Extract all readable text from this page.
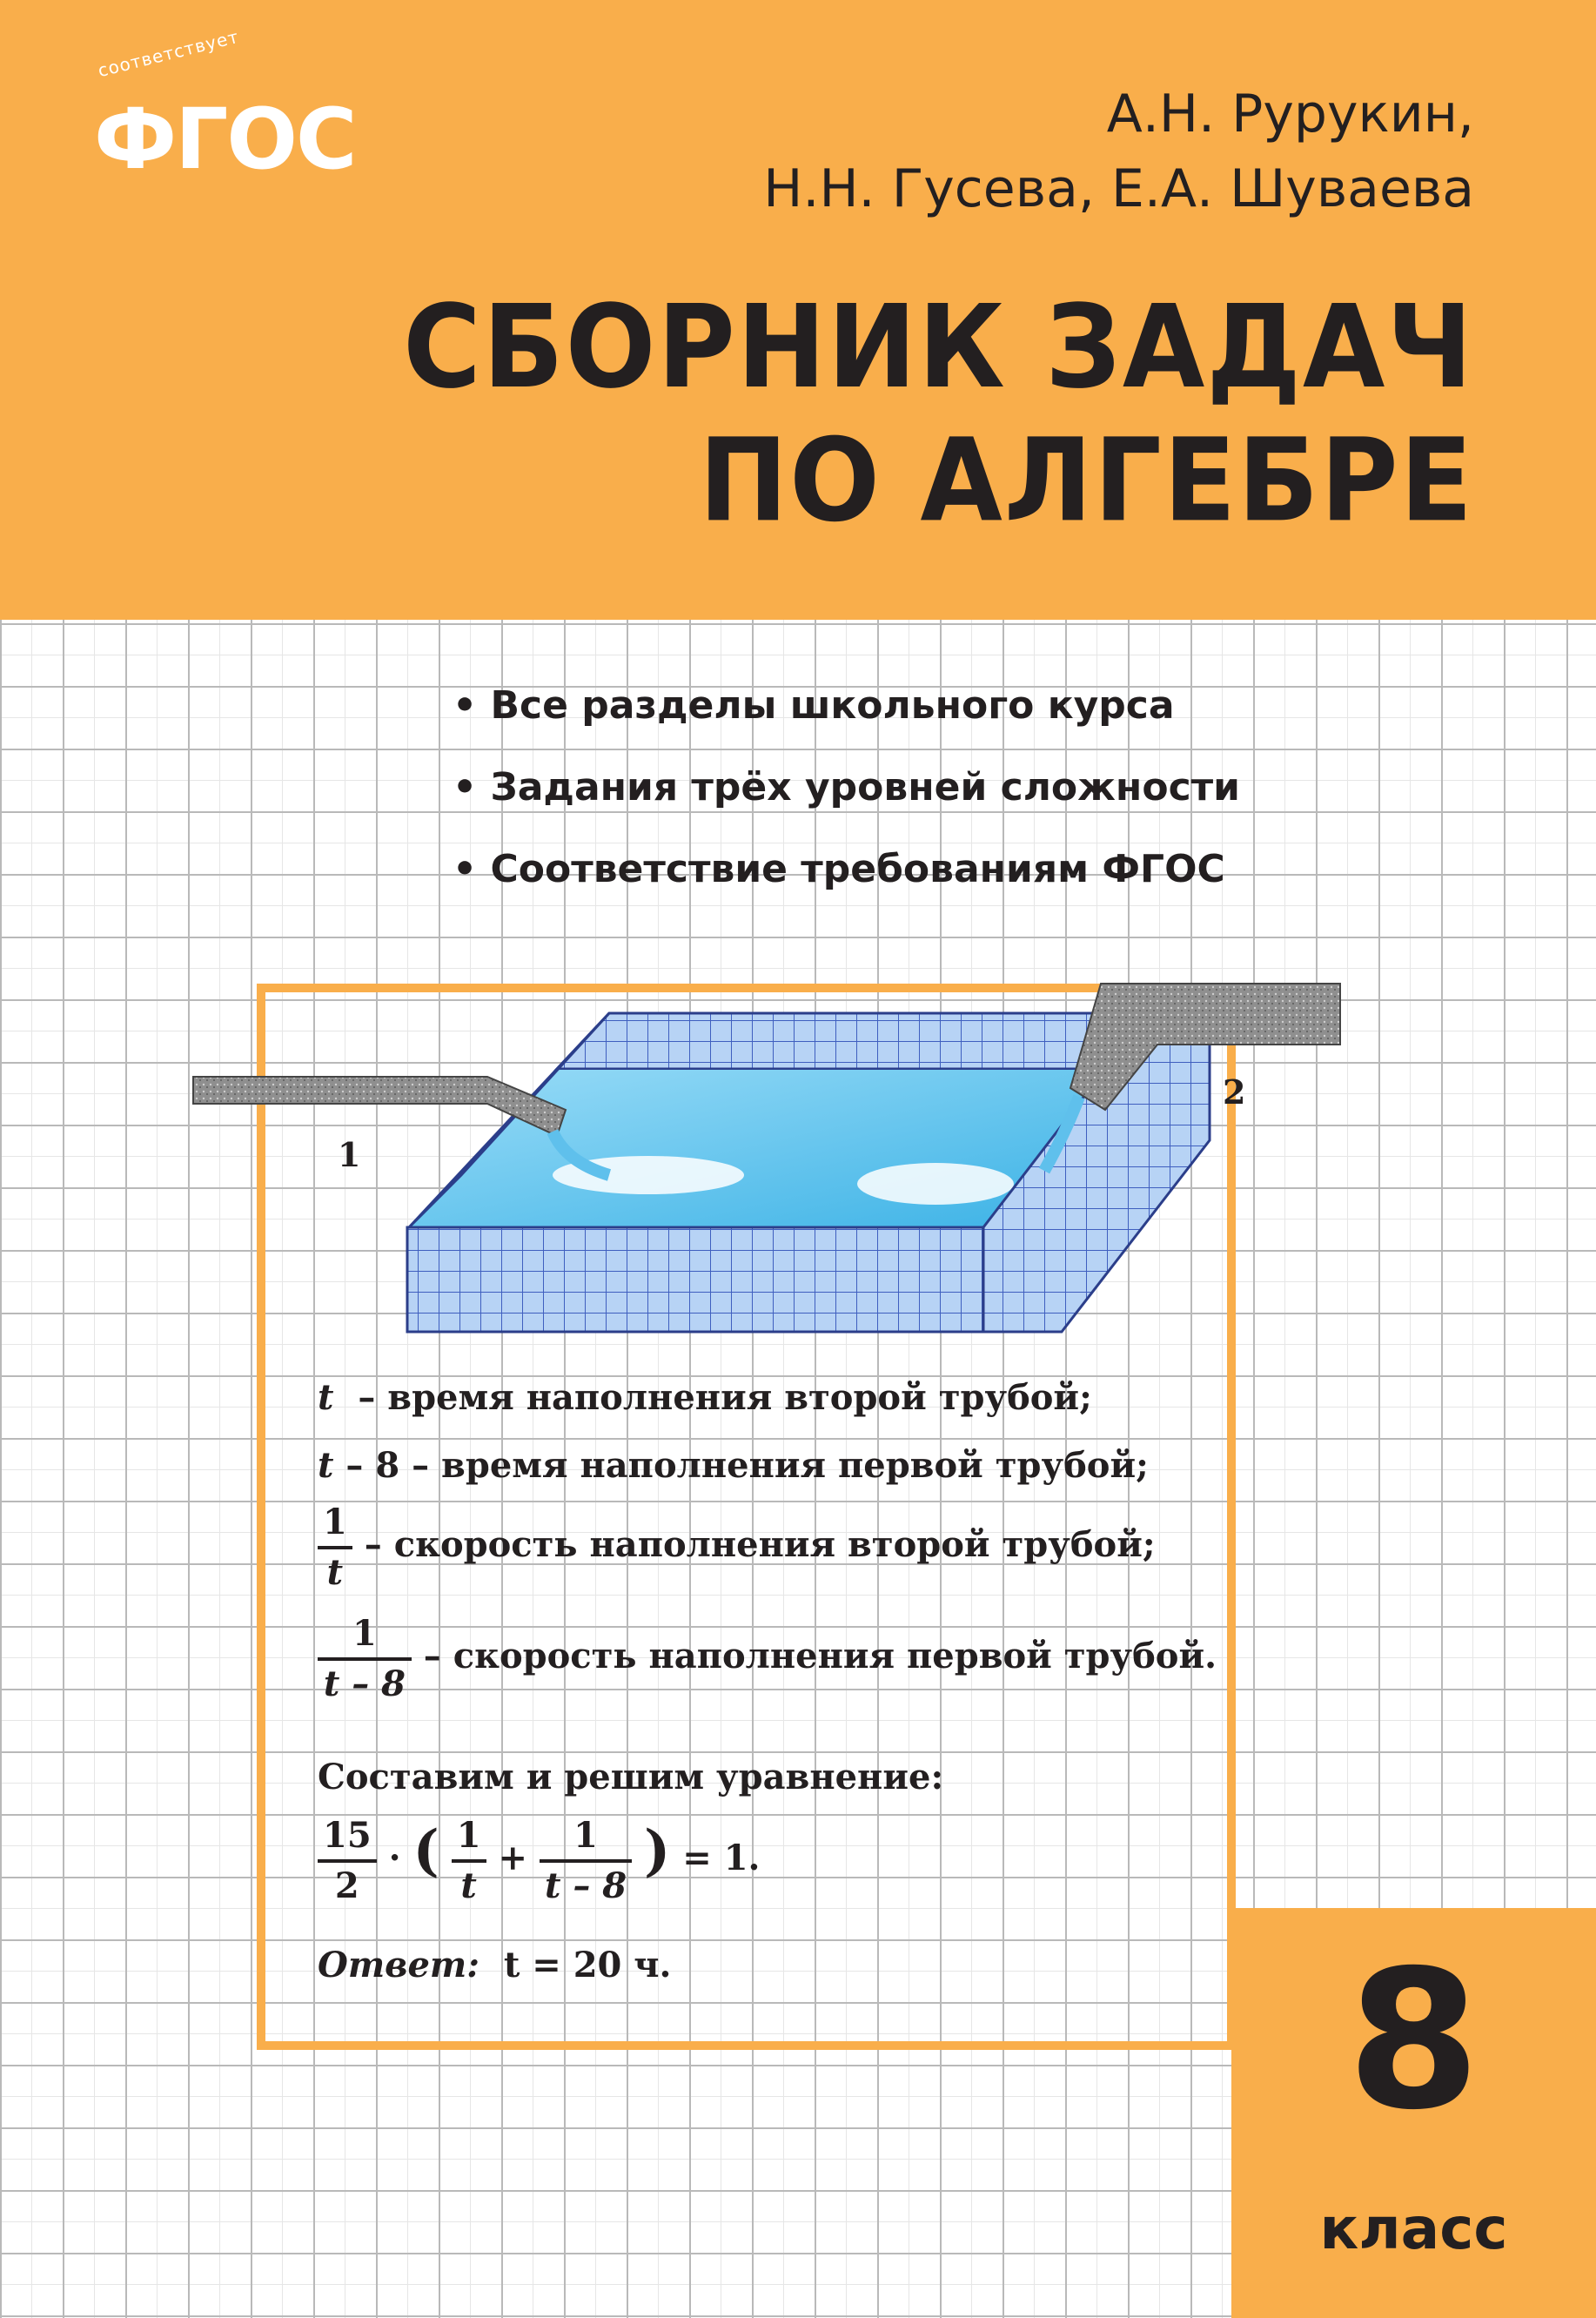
соответствует
ФГОС	А.Н. Рурукин,
Н.Н. Гусева, Е.А. Шуваева
СБОРНИК ЗАДАЧ
ПО АЛГЕБРЕ
• Все разделы школьного курса
• Задания трёх уровней сложности
• Соответствие требованиям ФГОС
1
2
t – время наполнения второй трубой;
t – 8 – время наполнения первой трубой;
$\frac{1}{t}$ – скорость наполнения второй трубой;
$\frac{1}{t - 8}$ – скорость наполнения первой трубой.
Составим и решим уравнение:
$\frac{15}{2}$ · ( $\frac{1}{t} + \frac{1}{t - 8}$ ) = 1.
Ответ: t = 20 ч.	8
класс
